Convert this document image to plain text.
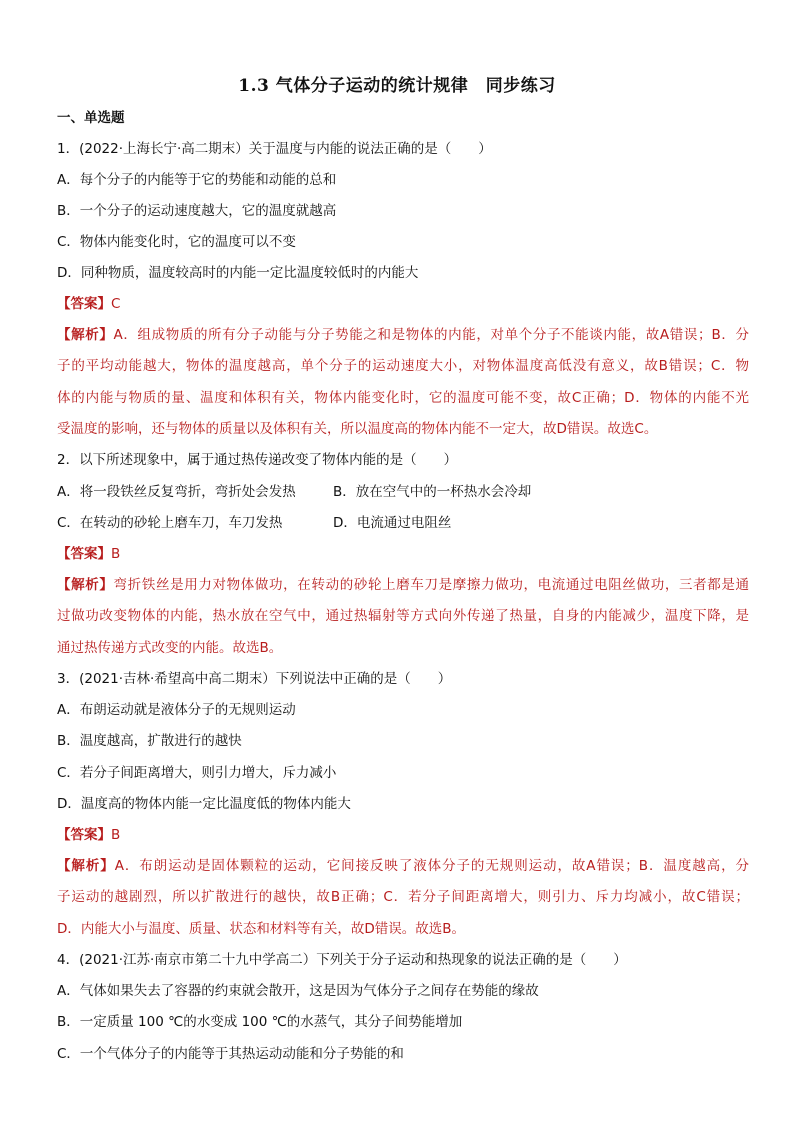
1.3 气体分子运动的统计规律　同步练习
一、单选题
1．(2022·上海长宁·高二期末）关于温度与内能的说法正确的是（　　）
A．每个分子的内能等于它的势能和动能的总和
B．一个分子的运动速度越大，它的温度就越高
C．物体内能变化时，它的温度可以不变
D．同种物质，温度较高时的内能一定比温度较低时的内能大
【答案】C
【解析】A．组成物质的所有分子动能与分子势能之和是物体的内能，对单个分子不能谈内能，故A错误；B．分
子的平均动能越大，物体的温度越高，单个分子的运动速度大小，对物体温度高低没有意义，故B错误；C．物
体的内能与物质的量、温度和体积有关，物体内能变化时，它的温度可能不变，故C正确；D．物体的内能不光
受温度的影响，还与物体的质量以及体积有关，所以温度高的物体内能不一定大，故D错误。故选C。
2．以下所述现象中，属于通过热传递改变了物体内能的是（　　）
A．将一段铁丝反复弯折，弯折处会发热	B．放在空气中的一杯热水会冷却
C．在转动的砂轮上磨车刀，车刀发热	D．电流通过电阻丝
【答案】B
【解析】弯折铁丝是用力对物体做功，在转动的砂轮上磨车刀是摩擦力做功，电流通过电阻丝做功，三者都是通
过做功改变物体的内能，热水放在空气中，通过热辐射等方式向外传递了热量，自身的内能减少，温度下降，是
通过热传递方式改变的内能。故选B。
3．(2021·吉林·希望高中高二期末）下列说法中正确的是（　　）
A．布朗运动就是液体分子的无规则运动
B．温度越高，扩散进行的越快
C．若分子间距离增大，则引力增大，斥力减小
D．温度高的物体内能一定比温度低的物体内能大
【答案】B
【解析】A．布朗运动是固体颗粒的运动，它间接反映了液体分子的无规则运动，故A错误；B．温度越高，分
子运动的越剧烈，所以扩散进行的越快，故B正确；C．若分子间距离增大，则引力、斥力均减小，故C错误；
D．内能大小与温度、质量、状态和材料等有关，故D错误。故选B。
4．(2021·江苏·南京市第二十九中学高二）下列关于分子运动和热现象的说法正确的是（　　）
A．气体如果失去了容器的约束就会散开，这是因为气体分子之间存在势能的缘故
B．一定质量 100 ℃的水变成 100 ℃的水蒸气，其分子间势能增加
C．一个气体分子的内能等于其热运动动能和分子势能的和
